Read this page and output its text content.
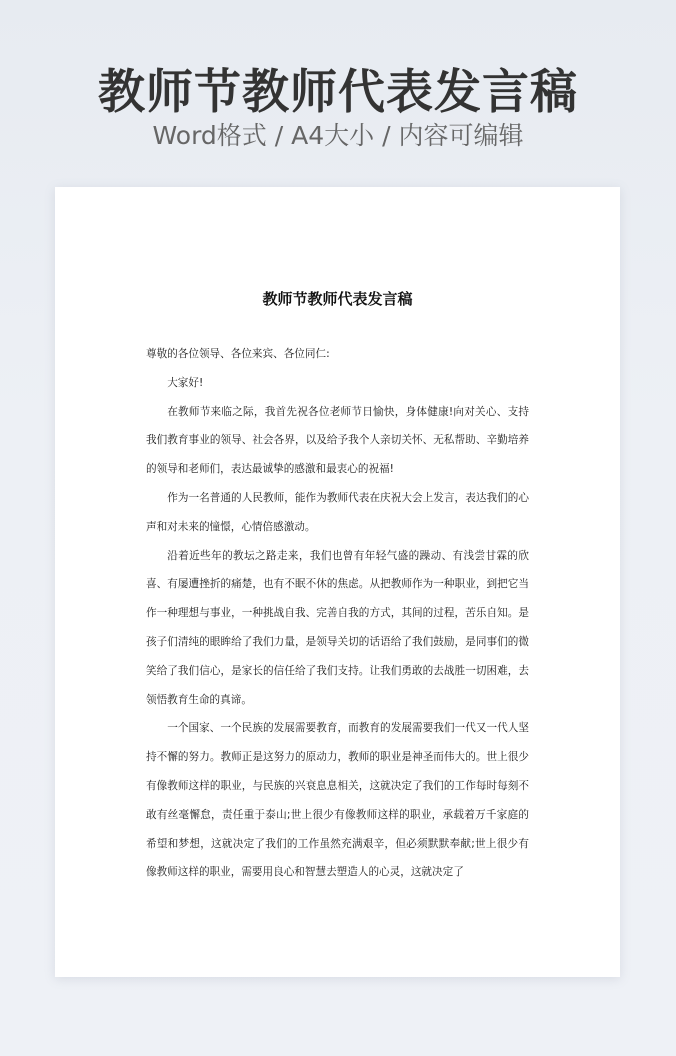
教师节教师代表发言稿
Word格式 / A4大小 / 内容可编辑
教师节教师代表发言稿

尊敬的各位领导、各位来宾、各位同仁:

大家好!

在教师节来临之际，我首先祝各位老师节日愉快，身体健康!向对关心、支持我们教育事业的领导、社会各界，以及给予我个人亲切关怀、无私帮助、辛勤培养的领导和老师们，表达最诚挚的感激和最衷心的祝福!

作为一名普通的人民教师，能作为教师代表在庆祝大会上发言，表达我们的心声和对未来的憧憬，心情倍感激动。

沿着近些年的教坛之路走来，我们也曾有年轻气盛的躁动、有浅尝甘霖的欣喜、有屡遭挫折的痛楚，也有不眠不休的焦虑。从把教师作为一种职业，到把它当作一种理想与事业，一种挑战自我、完善自我的方式，其间的过程，苦乐自知。是孩子们清纯的眼眸给了我们力量，是领导关切的话语给了我们鼓励，是同事们的微笑给了我们信心，是家长的信任给了我们支持。让我们勇敢的去战胜一切困难，去领悟教育生命的真谛。

一个国家、一个民族的发展需要教育，而教育的发展需要我们一代又一代人坚持不懈的努力。教师正是这努力的原动力，教师的职业是神圣而伟大的。世上很少有像教师这样的职业，与民族的兴衰息息相关，这就决定了我们的工作每时每刻不敢有丝毫懈怠，责任重于泰山;世上很少有像教师这样的职业，承载着万千家庭的希望和梦想，这就决定了我们的工作虽然充满艰辛，但必须默默奉献;世上很少有像教师这样的职业，需要用良心和智慧去塑造人的心灵，这就决定了
